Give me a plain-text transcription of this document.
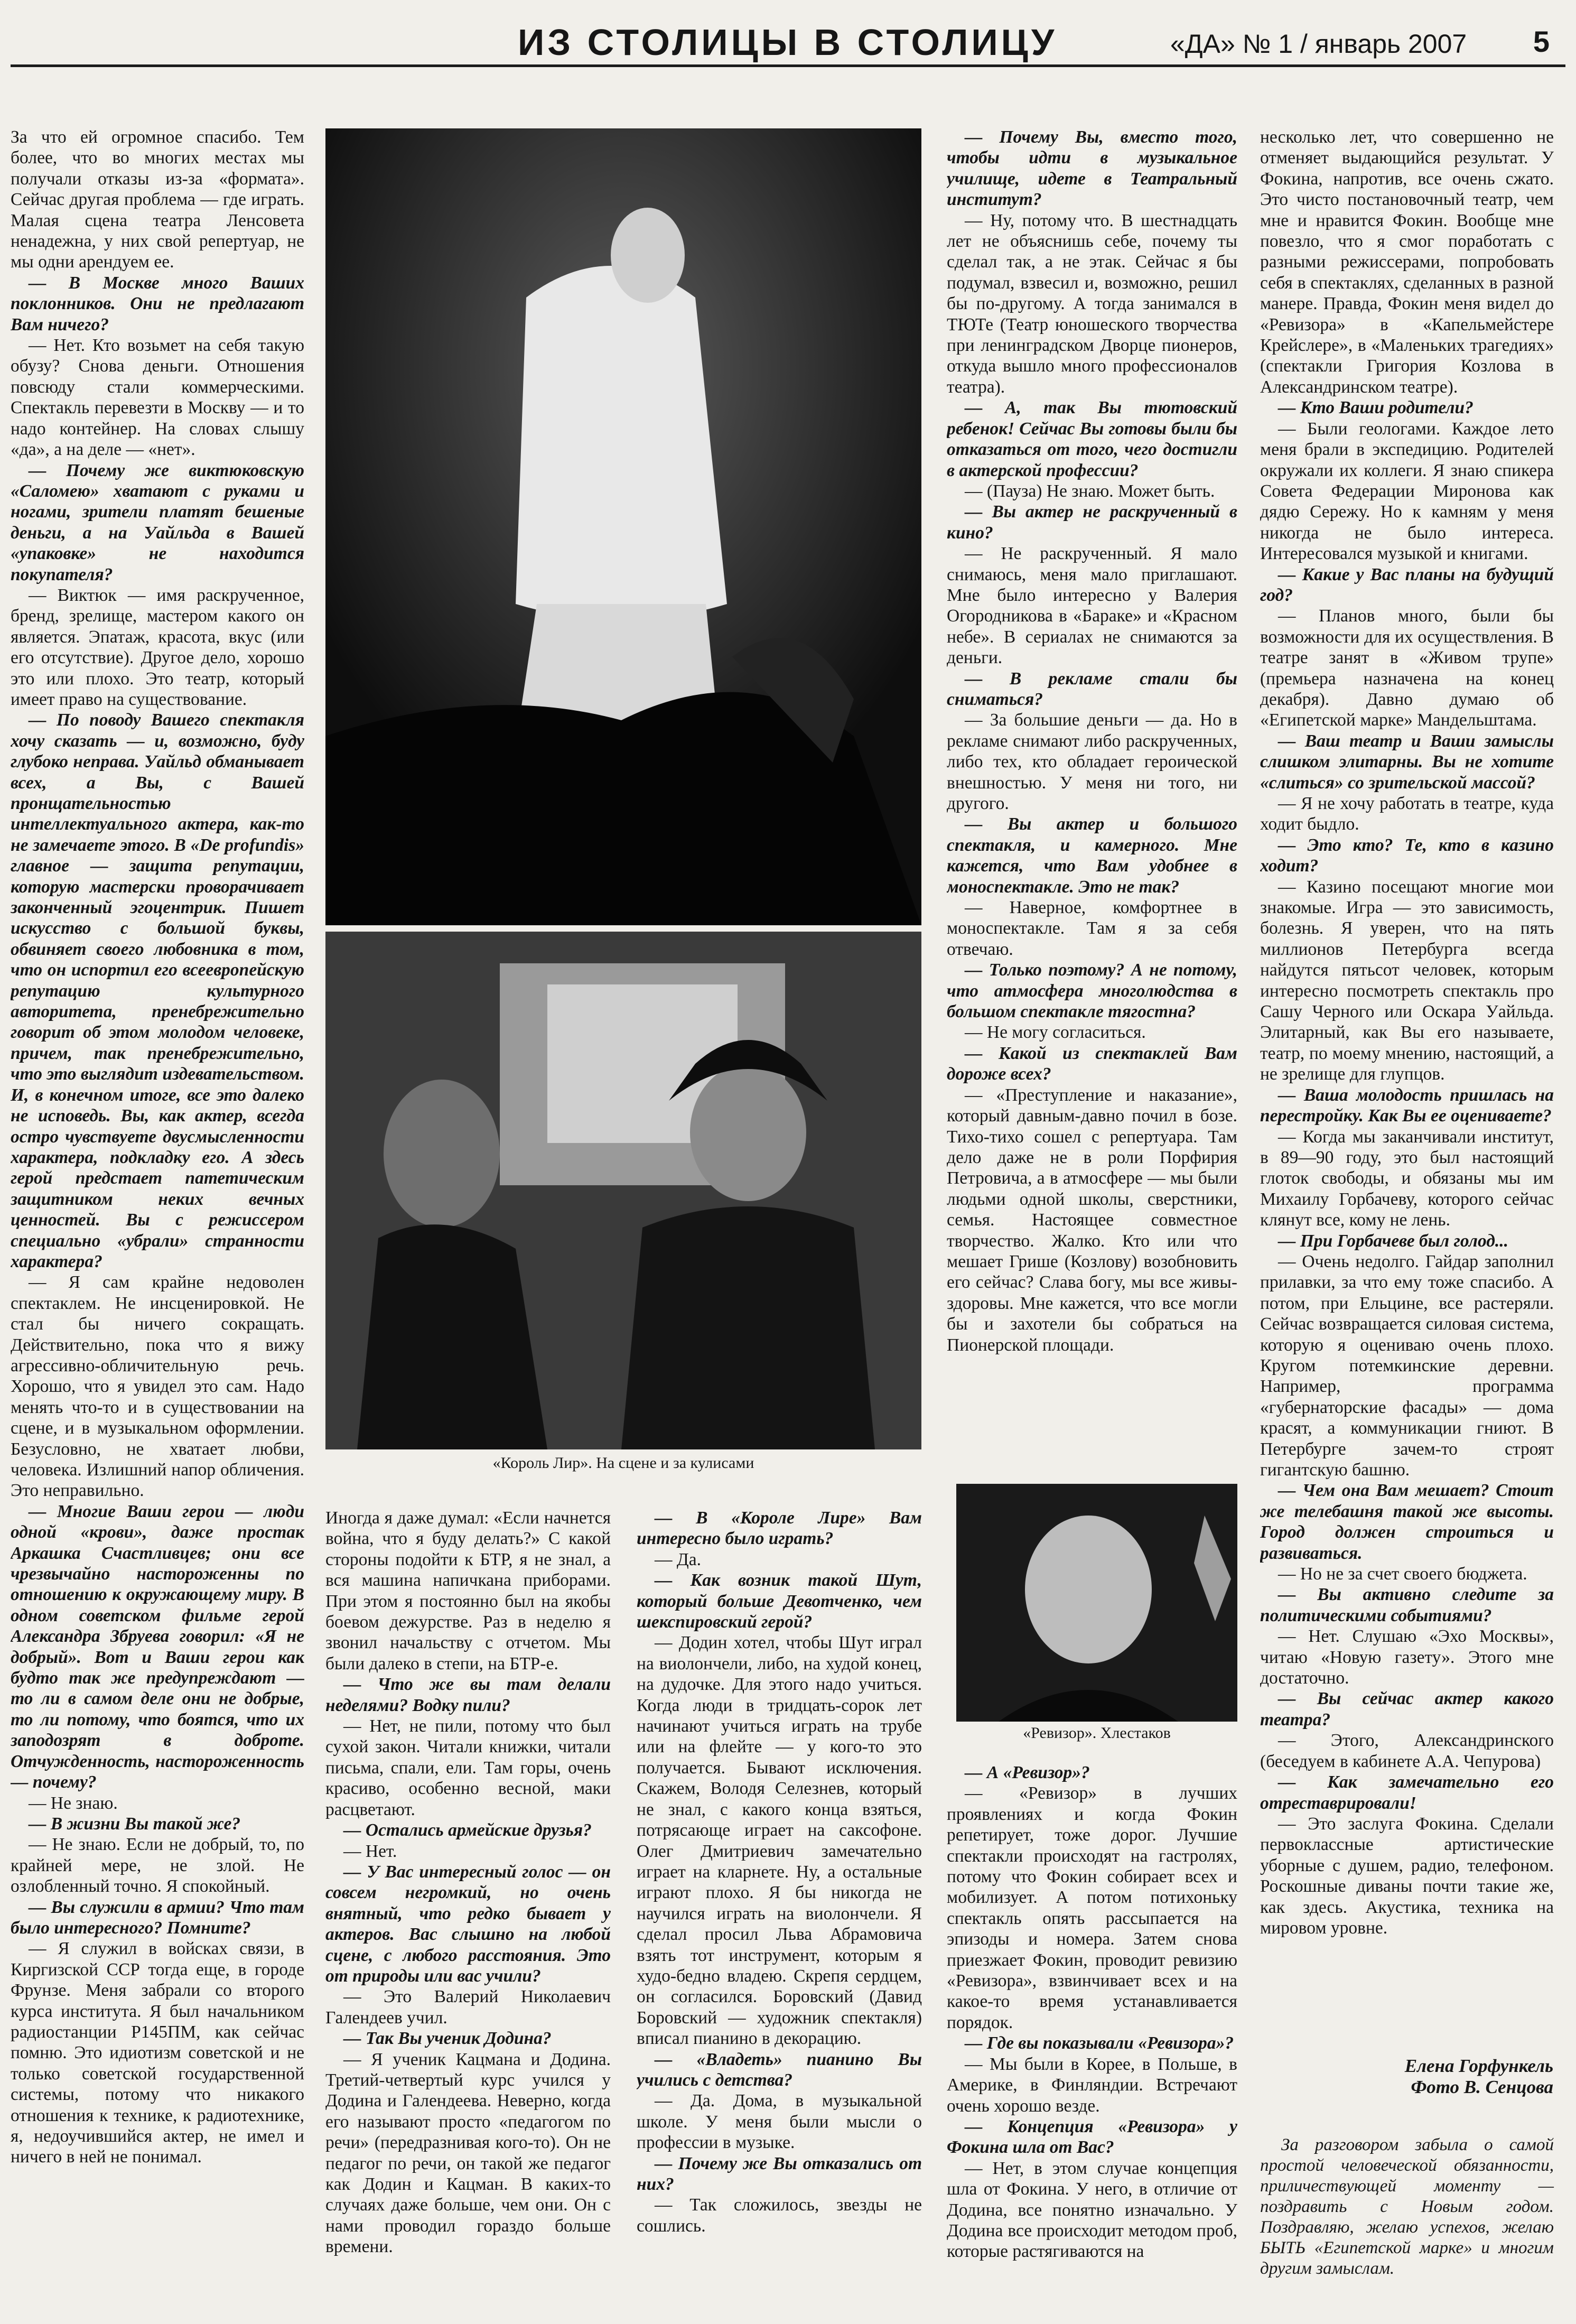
ИЗ СТОЛИЦЫ В СТОЛИЦУ	«ДА» № 1 / январь 2007 5

За что ей огромное спасибо. Тем более, что во многих местах мы получали отказы из-за «формата». Сейчас другая проблема — где играть. Малая сцена театра Ленсовета ненадежна, у них свой репертуар, не мы одни арендуем ее.

— В Москве много Ваших поклонников. Они не предлагают Вам ничего?

— Нет. Кто возьмет на себя такую обузу? Снова деньги. Отношения повсюду стали коммерческими. Спектакль перевезти в Москву — и то надо контейнер. На словах слышу «да», а на деле — «нет».

— Почему же виктюковскую «Саломею» хватают с руками и ногами, зрители платят бешеные деньги, а на Уайльда в Вашей «упаковке» не находится покупателя?

— Виктюк — имя раскрученное, бренд, зрелище, мастером какого он является. Эпатаж, красота, вкус (или его отсутствие). Другое дело, хорошо это или плохо. Это театр, который имеет право на существование.

— По поводу Вашего спектакля хочу сказать — и, возможно, буду глубоко неправа. Уайльд обманывает всех, а Вы, с Вашей пронщательностью интеллектуального актера, как-то не замечаете этого. В «De profundis» главное — защита репутации, которую мастерски проворачивает законченный эгоцентрик. Пишет искусство с большой буквы, обвиняет своего любовника в том, что он испортил его всеевропейскую репутацию культурного авторитета, пренебрежительно говорит об этом молодом человеке, причем, так пренебрежительно, что это выглядит издевательством. И, в конечном итоге, все это далеко не исповедь. Вы, как актер, всегда остро чувствуете двусмысленности характера, подкладку его. А здесь герой предстает патетическим защитником неких вечных ценностей. Вы с режиссером специально «убрали» странности характера?

— Я сам крайне недоволен спектаклем. Не инсценировкой. Не стал бы ничего сокращать. Действительно, пока что я вижу агрессивно-обличительную речь. Хорошо, что я увидел это сам. Надо менять что-то и в существовании на сцене, и в музыкальном оформлении. Безусловно, не хватает любви, человека. Излишний напор обличения. Это неправильно.

— Многие Ваши герои — люди одной «крови», даже простак Аркашка Счастливцев; они все чрезвычайно настороженны по отношению к окружающему миру. В одном советском фильме герой Александра Збруева говорил: «Я не добрый». Вот и Ваши герои как будто так же предупреждают — то ли в самом деле они не добрые, то ли потому, что боятся, что их заподозрят в доброте. Отчужденность, настороженность — почему?

— Не знаю.

— В жизни Вы такой же?

— Не знаю. Если не добрый, то, по крайней мере, не злой. Не озлобленный точно. Я спокойный.

— Вы служили в армии? Что там было интересного? Помните?

— Я служил в войсках связи, в Киргизской ССР тогда еще, в городе Фрунзе. Меня забрали со второго курса института. Я был начальником радиостанции Р145ПМ, как сейчас помню. Это идиотизм советской и не только советской государственной системы, потому что никакого отношения к технике, к радиотехнике, я, недоучившийся актер, не имел и ничего в ней не понимал.

«Король Лир». На сцене и за кулисами

Иногда я даже думал: «Если начнется война, что я буду делать?» С какой стороны подойти к БТР, я не знал, а вся машина напичкана приборами. При этом я постоянно был на якобы боевом дежурстве. Раз в неделю я звонил начальству с отчетом. Мы были далеко в степи, на БТР-е.

— Что же вы там делали неделями? Водку пили?

— Нет, не пили, потому что был сухой закон. Читали книжки, читали письма, спали, ели. Там горы, очень красиво, особенно весной, маки расцветают.

— Остались армейские друзья?

— Нет.

— У Вас интересный голос — он совсем негромкий, но очень внятный, что редко бывает у актеров. Вас слышно на любой сцене, с любого расстояния. Это от природы или вас учили?

— Это Валерий Николаевич Галендеев учил.

— Так Вы ученик Додина?

— Я ученик Кацмана и Додина. Третий-четвертый курс учился у Додина и Галендеева. Неверно, когда его называют просто «педагогом по речи» (передразнивая кого-то). Он не педагог по речи, он такой же педагог как Додин и Кацман. В каких-то случаях даже больше, чем они. Он с нами проводил гораздо больше времени.

— В «Короле Лире» Вам интересно было играть?

— Да.

— Как возник такой Шут, который больше Девотченко, чем шекспировский герой?

— Додин хотел, чтобы Шут играл на виолончели, либо, на худой конец, на дудочке. Для этого надо учиться. Когда люди в тридцать-сорок лет начинают учиться играть на трубе или на флейте — у кого-то это получается. Бывают исключения. Скажем, Володя Селезнев, который не знал, с какого конца взяться, потрясающе играет на саксофоне. Олег Дмитриевич замечательно играет на кларнете. Ну, а остальные играют плохо. Я бы никогда не научился играть на виолончели. Я сделал просил Льва Абрамовича взять тот инструмент, которым я худо-бедно владею. Скрепя сердцем, он согласился. Боровский (Давид Боровский — художник спектакля) вписал пианино в декорацию.

— «Владеть» пианино Вы учились с детства?

— Да. Дома, в музыкальной школе. У меня были мысли о профессии в музыке.

— Почему же Вы отказались от них?

— Так сложилось, звезды не сошлись.

— Почему Вы, вместо того, чтобы идти в музыкальное училище, идете в Театральный институт?

— Ну, потому что. В шестнадцать лет не объяснишь себе, почему ты сделал так, а не этак. Сейчас я бы подумал, взвесил и, возможно, решил бы по-другому. А тогда занимался в ТЮТе (Театр юношеского творчества при ленинградском Дворце пионеров, откуда вышло много профессионалов театра).

— А, так Вы тютовский ребенок! Сейчас Вы готовы были бы отказаться от того, чего достигли в актерской профессии?

— (Пауза) Не знаю. Может быть.

— Вы актер не раскрученный в кино?

— Не раскрученный. Я мало снимаюсь, меня мало приглашают. Мне было интересно у Валерия Огородникова в «Бараке» и «Красном небе». В сериалах не снимаются за деньги.

— В рекламе стали бы сниматься?

— За большие деньги — да. Но в рекламе снимают либо раскрученных, либо тех, кто обладает героической внешностью. У меня ни того, ни другого.

— Вы актер и большого спектакля, и камерного. Мне кажется, что Вам удобнее в моноспектакле. Это не так?

— Наверное, комфортнее в моноспектакле. Там я за себя отвечаю.

— Только поэтому? А не потому, что атмосфера многолюдства в большом спектакле тягостна?

— Не могу согласиться.

— Какой из спектаклей Вам дороже всех?

— «Преступление и наказание», который давным-давно почил в бозе. Тихо-тихо сошел с репертуара. Там дело даже не в роли Порфирия Петровича, а в атмосфере — мы были людьми одной школы, сверстники, семья. Настоящее совместное творчество. Жалко. Кто или что мешает Грише (Козлову) возобновить его сейчас? Слава богу, мы все живы-здоровы. Мне кажется, что все могли бы и захотели бы собраться на Пионерской площади.

«Ревизор». Хлестаков

— А «Ревизор»?

— «Ревизор» в лучших проявлениях и когда Фокин репетирует, тоже дорог. Лучшие спектакли происходят на гастролях, потому что Фокин собирает всех и мобилизует. А потом потихоньку спектакль опять рассыпается на эпизоды и номера. Затем снова приезжает Фокин, проводит ревизию «Ревизора», взвинчивает всех и на какое-то время устанавливается порядок.

— Где вы показывали «Ревизора»?

— Мы были в Корее, в Польше, в Америке, в Финляндии. Встречают очень хорошо везде.

— Концепция «Ревизора» у Фокина шла от Вас?

— Нет, в этом случае концепция шла от Фокина. У него, в отличие от Додина, все понятно изначально. У Додина все происходит методом проб, которые растягиваются на

несколько лет, что совершенно не отменяет выдающийся результат. У Фокина, напротив, все очень сжато. Это чисто постановочный театр, чем мне и нравится Фокин. Вообще мне повезло, что я смог поработать с разными режиссерами, попробовать себя в спектаклях, сделанных в разной манере. Правда, Фокин меня видел до «Ревизора» в «Капельмейстере Крейслере», в «Маленьких трагедиях» (спектакли Григория Козлова в Александринском театре).

— Кто Ваши родители?

— Были геологами. Каждое лето меня брали в экспедицию. Родителей окружали их коллеги. Я знаю спикера Совета Федерации Миронова как дядю Сережу. Но к камням у меня никогда не было интереса. Интересовался музыкой и книгами.

— Какие у Вас планы на будущий год?

— Планов много, были бы возможности для их осуществления. В театре занят в «Живом трупе» (премьера назначена на конец декабря). Давно думаю об «Египетской марке» Мандельштама.

— Ваш театр и Ваши замыслы слишком элитарны. Вы не хотите «слиться» со зрительской массой?

— Я не хочу работать в театре, куда ходит быдло.

— Это кто? Те, кто в казино ходит?

— Казино посещают многие мои знакомые. Игра — это зависимость, болезнь. Я уверен, что на пять миллионов Петербурга всегда найдутся пятьсот человек, которым интересно посмотреть спектакль про Сашу Черного или Оскара Уайльда. Элитарный, как Вы его называете, театр, по моему мнению, настоящий, а не зрелище для глупцов.

— Ваша молодость пришлась на перестройку. Как Вы ее оцениваете?

— Когда мы заканчивали институт, в 89—90 году, это был настоящий глоток свободы, и обязаны мы им Михаилу Горбачеву, которого сейчас клянут все, кому не лень.

— При Горбачеве был голод...

— Очень недолго. Гайдар заполнил прилавки, за что ему тоже спасибо. А потом, при Ельцине, все растеряли. Сейчас возвращается силовая система, которую я оцениваю очень плохо. Кругом потемкинские деревни. Например, программа «губернаторские фасады» — дома красят, а коммуникации гниют. В Петербурге зачем-то строят гигантскую башню.

— Чем она Вам мешает? Стоит же телебашня такой же высоты. Город должен строиться и развиваться.

— Но не за счет своего бюджета.

— Вы активно следите за политическими событиями?

— Нет. Слушаю «Эхо Москвы», читаю «Новую газету». Этого мне достаточно.

— Вы сейчас актер какого театра?

— Этого, Александринского (беседуем в кабинете А.А. Чепурова)

— Как замечательно его отреставрировали!

— Это заслуга Фокина. Сделали первоклассные артистические уборные с душем, радио, телефоном. Роскошные диваны почти такие же, как здесь. Акустика, техника на мировом уровне.

Елена Горфункель
Фото В. Сенцова
За разговором забыла о самой простой человеческой обязанности, приличествующей моменту — поздравить с Новым годом. Поздравляю, желаю успехов, желаю БЫТЬ «Египетской марке» и многим другим замыслам.
